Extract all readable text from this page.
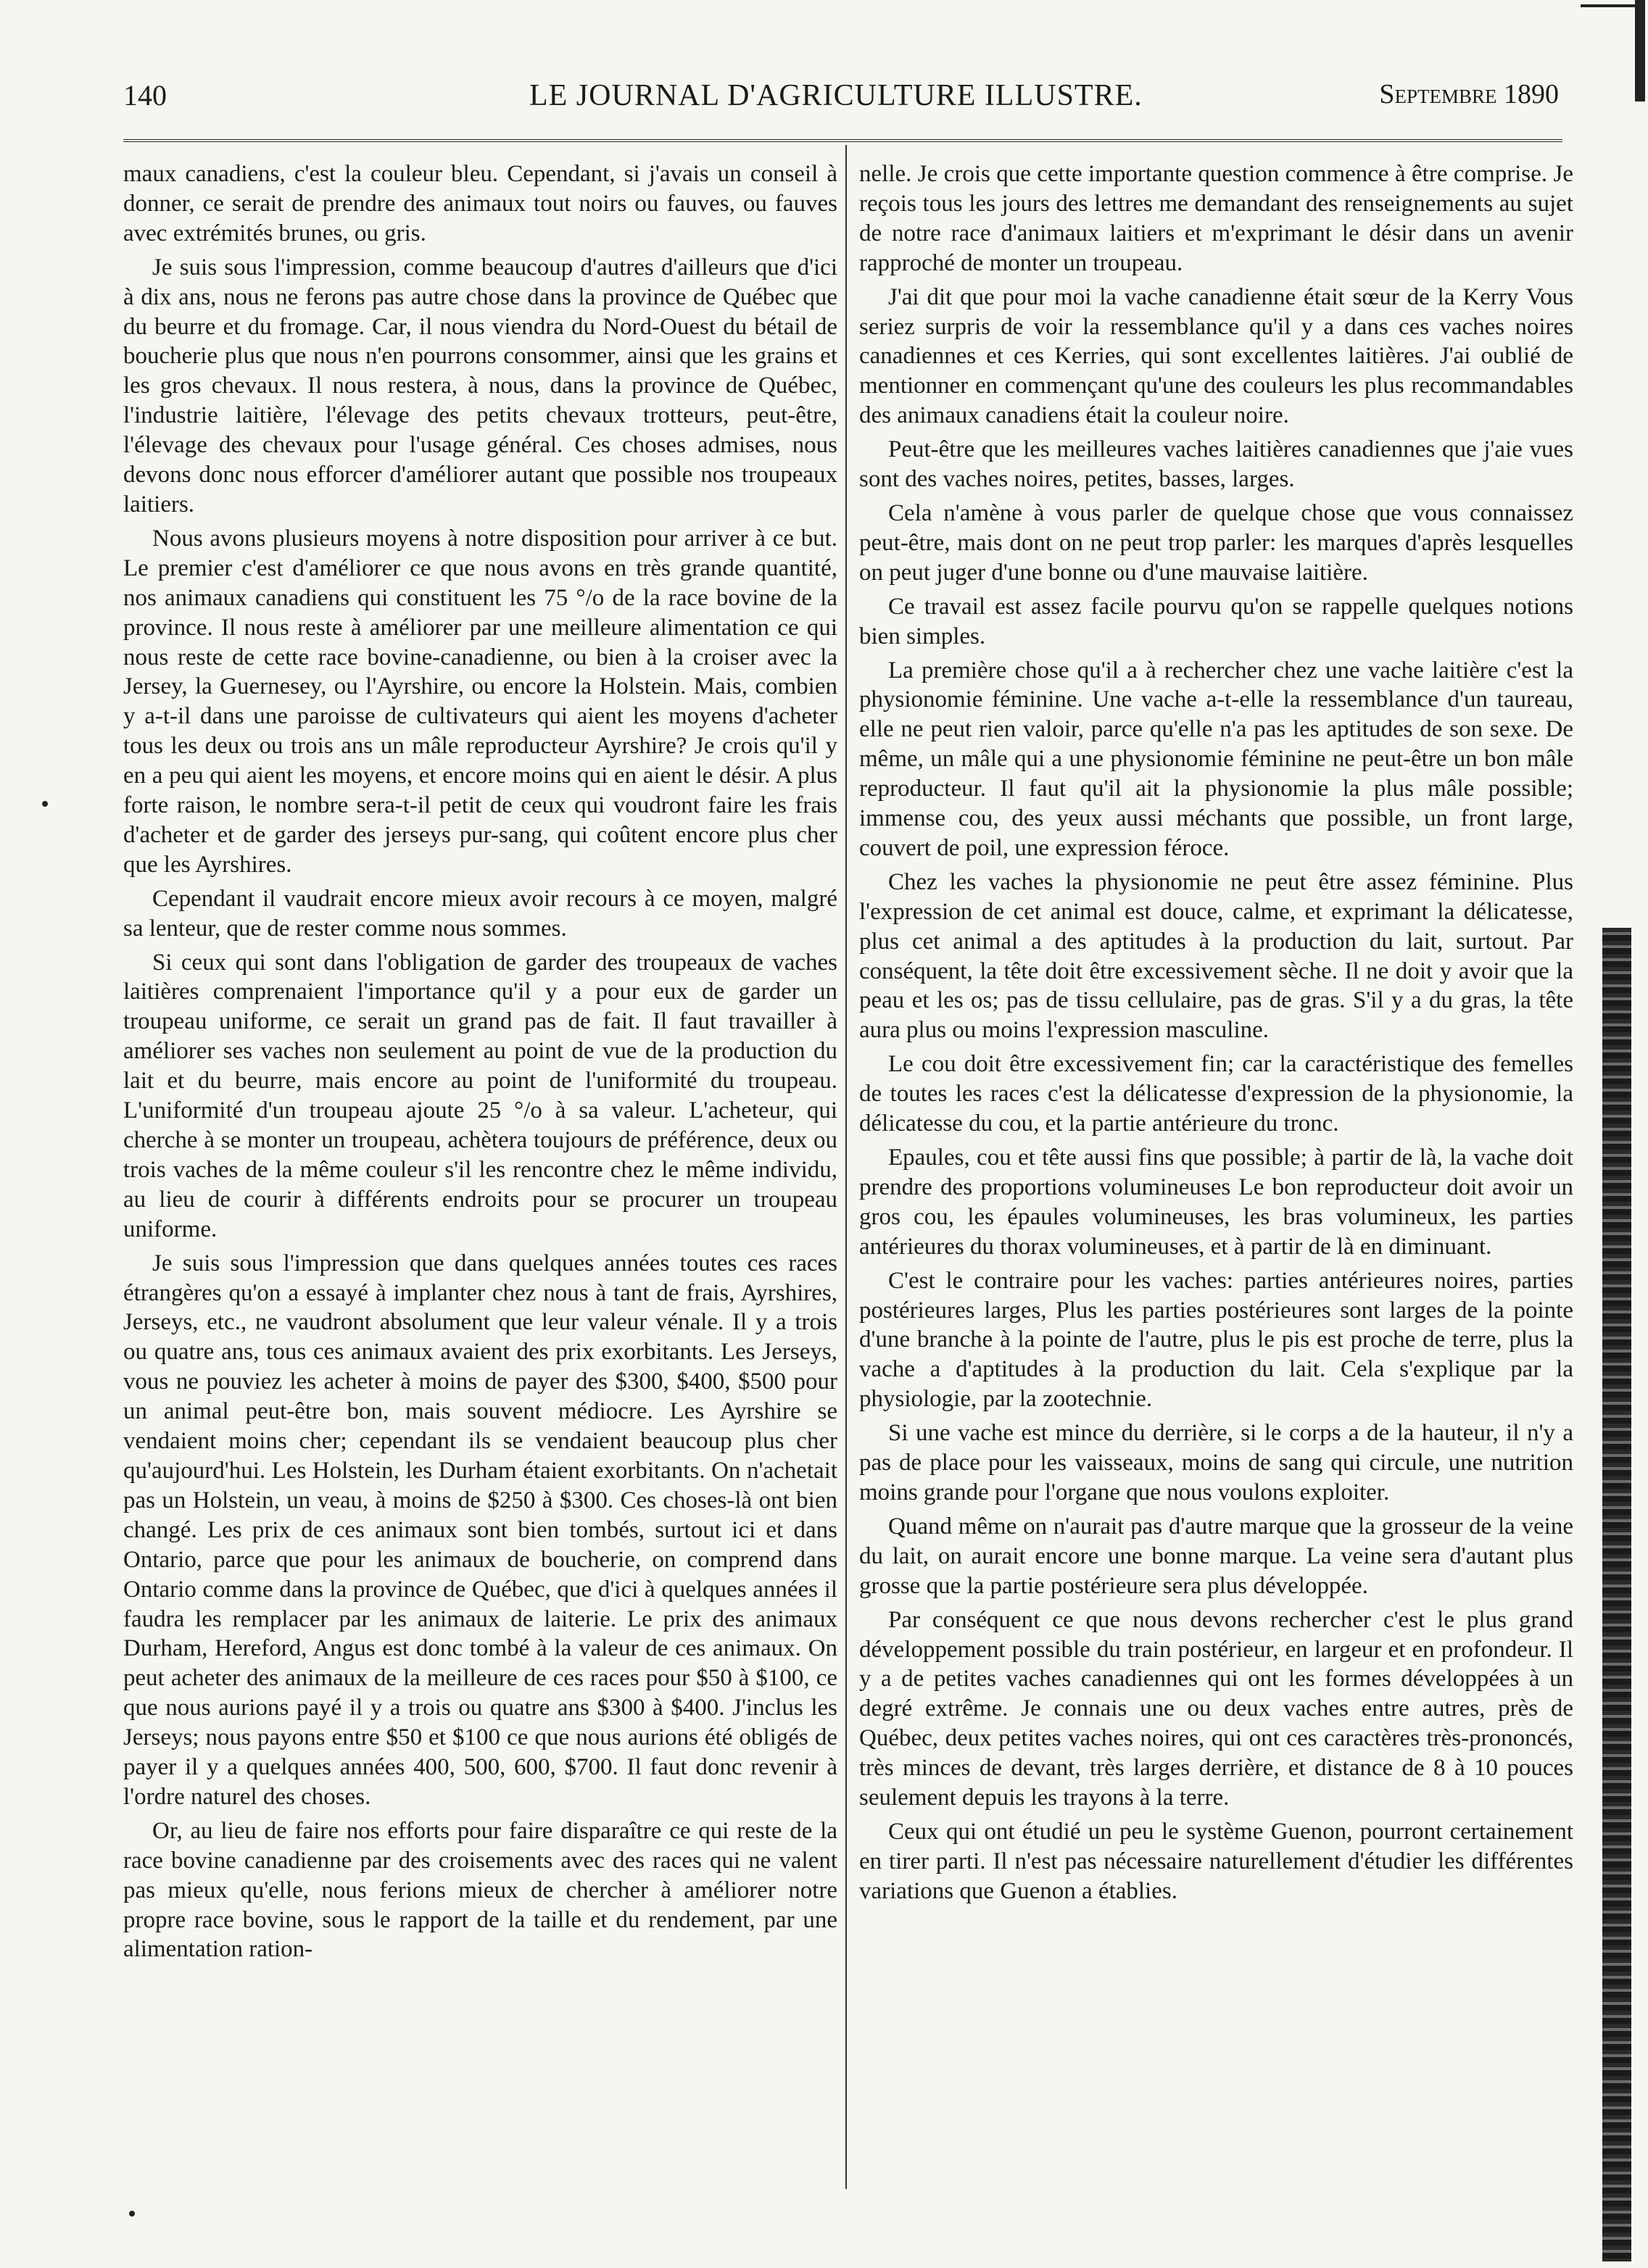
140	LE JOURNAL D'AGRICULTURE ILLUSTRE.	Septembre 1890

maux canadiens, c'est la couleur bleu. Cependant, si j'avais un conseil à donner, ce serait de prendre des animaux tout noirs ou fauves, ou fauves avec extrémités brunes, ou gris.

Je suis sous l'impression, comme beaucoup d'autres d'ailleurs que d'ici à dix ans, nous ne ferons pas autre chose dans la province de Québec que du beurre et du fromage. Car, il nous viendra du Nord-Ouest du bétail de boucherie plus que nous n'en pourrons consommer, ainsi que les grains et les gros chevaux. Il nous restera, à nous, dans la province de Québec, l'industrie laitière, l'élevage des petits chevaux trotteurs, peut-être, l'élevage des chevaux pour l'usage général. Ces choses admises, nous devons donc nous efforcer d'améliorer autant que possible nos troupeaux laitiers.

Nous avons plusieurs moyens à notre disposition pour arriver à ce but. Le premier c'est d'améliorer ce que nous avons en très grande quantité, nos animaux canadiens qui constituent les 75 °/o de la race bovine de la province. Il nous reste à améliorer par une meilleure alimentation ce qui nous reste de cette race bovine-canadienne, ou bien à la croiser avec la Jersey, la Guernesey, ou l'Ayrshire, ou encore la Holstein. Mais, combien y a-t-il dans une paroisse de cultivateurs qui aient les moyens d'acheter tous les deux ou trois ans un mâle reproducteur Ayrshire? Je crois qu'il y en a peu qui aient les moyens, et encore moins qui en aient le désir. A plus forte raison, le nombre sera-t-il petit de ceux qui voudront faire les frais d'acheter et de garder des jerseys pur-sang, qui coûtent encore plus cher que les Ayrshires.

Cependant il vaudrait encore mieux avoir recours à ce moyen, malgré sa lenteur, que de rester comme nous sommes.

Si ceux qui sont dans l'obligation de garder des troupeaux de vaches laitières comprenaient l'importance qu'il y a pour eux de garder un troupeau uniforme, ce serait un grand pas de fait. Il faut travailler à améliorer ses vaches non seulement au point de vue de la production du lait et du beurre, mais encore au point de l'uniformité du troupeau. L'uniformité d'un troupeau ajoute 25 °/o à sa valeur. L'acheteur, qui cherche à se monter un troupeau, achètera toujours de préférence, deux ou trois vaches de la même couleur s'il les rencontre chez le même individu, au lieu de courir à différents endroits pour se procurer un troupeau uniforme.

Je suis sous l'impression que dans quelques années toutes ces races étrangères qu'on a essayé à implanter chez nous à tant de frais, Ayrshires, Jerseys, etc., ne vaudront absolument que leur valeur vénale. Il y a trois ou quatre ans, tous ces animaux avaient des prix exorbitants. Les Jerseys, vous ne pouviez les acheter à moins de payer des $300, $400, $500 pour un animal peut-être bon, mais souvent médiocre. Les Ayrshire se vendaient moins cher; cependant ils se vendaient beaucoup plus cher qu'aujourd'hui. Les Holstein, les Durham étaient exorbitants. On n'achetait pas un Holstein, un veau, à moins de $250 à $300. Ces choses-là ont bien changé. Les prix de ces animaux sont bien tombés, surtout ici et dans Ontario, parce que pour les animaux de boucherie, on comprend dans Ontario comme dans la province de Québec, que d'ici à quelques années il faudra les remplacer par les animaux de laiterie. Le prix des animaux Durham, Hereford, Angus est donc tombé à la valeur de ces animaux. On peut acheter des animaux de la meilleure de ces races pour $50 à $100, ce que nous aurions payé il y a trois ou quatre ans $300 à $400. J'inclus les Jerseys; nous payons entre $50 et $100 ce que nous aurions été obligés de payer il y a quelques années 400, 500, 600, $700. Il faut donc revenir à l'ordre naturel des choses.

Or, au lieu de faire nos efforts pour faire disparaître ce qui reste de la race bovine canadienne par des croisements avec des races qui ne valent pas mieux qu'elle, nous ferions mieux de chercher à améliorer notre propre race bovine, sous le rapport de la taille et du rendement, par une alimentation ration-

nelle. Je crois que cette importante question commence à être comprise. Je reçois tous les jours des lettres me demandant des renseignements au sujet de notre race d'animaux laitiers et m'exprimant le désir dans un avenir rapproché de monter un troupeau.

J'ai dit que pour moi la vache canadienne était sœur de la Kerry Vous seriez surpris de voir la ressemblance qu'il y a dans ces vaches noires canadiennes et ces Kerries, qui sont excellentes laitières. J'ai oublié de mentionner en commençant qu'une des couleurs les plus recommandables des animaux canadiens était la couleur noire.

Peut-être que les meilleures vaches laitières canadiennes que j'aie vues sont des vaches noires, petites, basses, larges.

Cela n'amène à vous parler de quelque chose que vous connaissez peut-être, mais dont on ne peut trop parler: les marques d'après lesquelles on peut juger d'une bonne ou d'une mauvaise laitière.

Ce travail est assez facile pourvu qu'on se rappelle quelques notions bien simples.

La première chose qu'il a à rechercher chez une vache laitière c'est la physionomie féminine. Une vache a-t-elle la ressemblance d'un taureau, elle ne peut rien valoir, parce qu'elle n'a pas les aptitudes de son sexe. De même, un mâle qui a une physionomie féminine ne peut-être un bon mâle reproducteur. Il faut qu'il ait la physionomie la plus mâle possible; immense cou, des yeux aussi méchants que possible, un front large, couvert de poil, une expression féroce.

Chez les vaches la physionomie ne peut être assez féminine. Plus l'expression de cet animal est douce, calme, et exprimant la délicatesse, plus cet animal a des aptitudes à la production du lait, surtout. Par conséquent, la tête doit être excessivement sèche. Il ne doit y avoir que la peau et les os; pas de tissu cellulaire, pas de gras. S'il y a du gras, la tête aura plus ou moins l'expression masculine.

Le cou doit être excessivement fin; car la caractéristique des femelles de toutes les races c'est la délicatesse d'expression de la physionomie, la délicatesse du cou, et la partie antérieure du tronc.

Epaules, cou et tête aussi fins que possible; à partir de là, la vache doit prendre des proportions volumineuses Le bon reproducteur doit avoir un gros cou, les épaules volumineuses, les bras volumineux, les parties antérieures du thorax volumineuses, et à partir de là en diminuant.

C'est le contraire pour les vaches: parties antérieures noires, parties postérieures larges, Plus les parties postérieures sont larges de la pointe d'une branche à la pointe de l'autre, plus le pis est proche de terre, plus la vache a d'aptitudes à la production du lait. Cela s'explique par la physiologie, par la zootechnie.

Si une vache est mince du derrière, si le corps a de la hauteur, il n'y a pas de place pour les vaisseaux, moins de sang qui circule, une nutrition moins grande pour l'organe que nous voulons exploiter.

Quand même on n'aurait pas d'autre marque que la grosseur de la veine du lait, on aurait encore une bonne marque. La veine sera d'autant plus grosse que la partie postérieure sera plus développée.

Par conséquent ce que nous devons rechercher c'est le plus grand développement possible du train postérieur, en largeur et en profondeur. Il y a de petites vaches canadiennes qui ont les formes développées à un degré extrême. Je connais une ou deux vaches entre autres, près de Québec, deux petites vaches noires, qui ont ces caractères très-prononcés, très minces de devant, très larges derrière, et distance de 8 à 10 pouces seulement depuis les trayons à la terre.

Ceux qui ont étudié un peu le système Guenon, pourront certainement en tirer parti. Il n'est pas nécessaire naturellement d'étudier les différentes variations que Guenon a établies.
